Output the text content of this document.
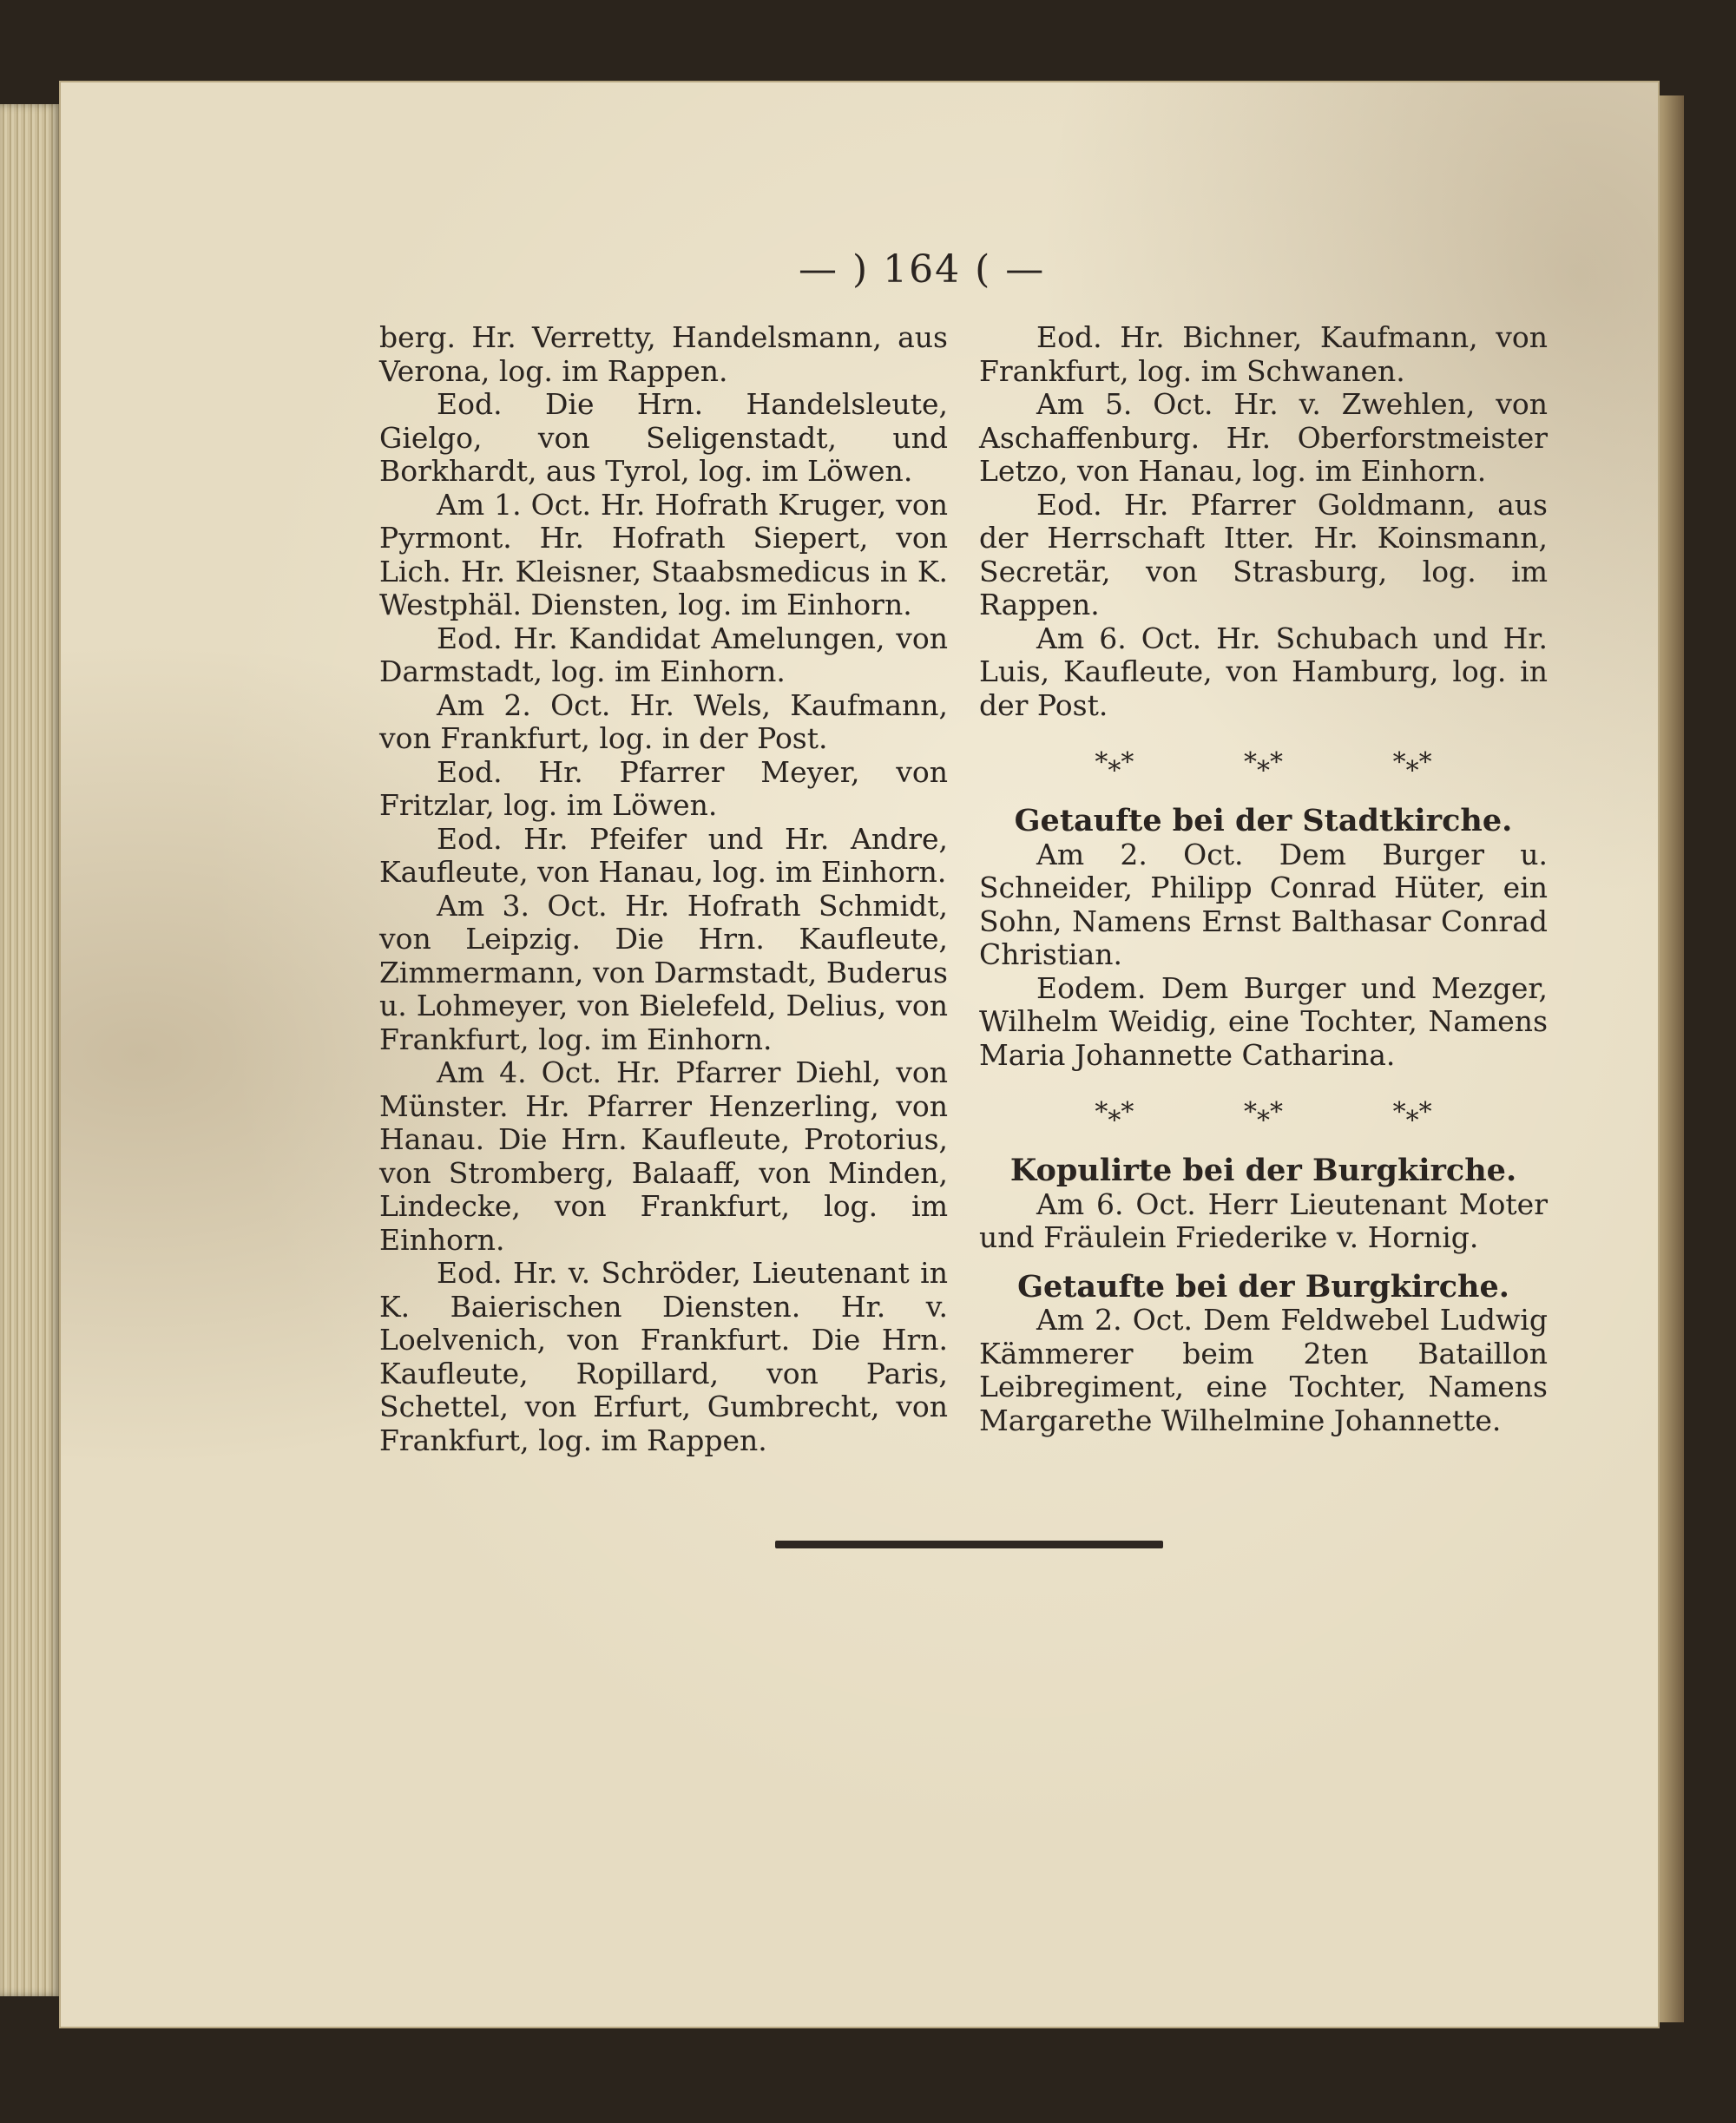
— ) 164 ( —

berg. Hr. Verretty, Handelsmann, aus Verona, log. im Rappen.

Eod. Die Hrn. Handelsleute, Gielgo, von Seligenstadt, und Borkhardt, aus Tyrol, log. im Löwen.

Am 1. Oct. Hr. Hofrath Kruger, von Pyrmont. Hr. Hofrath Siepert, von Lich. Hr. Kleisner, Staabsmedicus in K. Westphäl. Diensten, log. im Einhorn.

Eod. Hr. Kandidat Amelungen, von Darmstadt, log. im Einhorn.

Am 2. Oct. Hr. Wels, Kaufmann, von Frankfurt, log. in der Post.

Eod. Hr. Pfarrer Meyer, von Fritzlar, log. im Löwen.

Eod. Hr. Pfeifer und Hr. Andre, Kaufleute, von Hanau, log. im Einhorn.

Am 3. Oct. Hr. Hofrath Schmidt, von Leipzig. Die Hrn. Kaufleute, Zimmermann, von Darmstadt, Buderus u. Lohmeyer, von Bielefeld, Delius, von Frankfurt, log. im Einhorn.

Am 4. Oct. Hr. Pfarrer Diehl, von Münster. Hr. Pfarrer Henzerling, von Hanau. Die Hrn. Kaufleute, Protorius, von Stromberg, Balaaff, von Minden, Lindecke, von Frankfurt, log. im Einhorn.

Eod. Hr. v. Schröder, Lieutenant in K. Baierischen Diensten. Hr. v. Loelvenich, von Frankfurt. Die Hrn. Kaufleute, Ropillard, von Paris, Schettel, von Erfurt, Gumbrecht, von Frankfurt, log. im Rappen.

Eod. Hr. Bichner, Kaufmann, von Frankfurt, log. im Schwanen.

Am 5. Oct. Hr. v. Zwehlen, von Aschaffenburg. Hr. Oberforstmeister Letzo, von Hanau, log. im Einhorn.

Eod. Hr. Pfarrer Goldmann, aus der Herrschaft Itter. Hr. Koinsmann, Secretär, von Strasburg, log. im Rappen.

Am 6. Oct. Hr. Schubach und Hr. Luis, Kaufleute, von Hamburg, log. in der Post.

*⁎*	*⁎*	*⁎*

Getaufte bei der Stadtkirche.

Am 2. Oct. Dem Burger u. Schneider, Philipp Conrad Hüter, ein Sohn, Namens Ernst Balthasar Conrad Christian.

Eodem. Dem Burger und Mezger, Wilhelm Weidig, eine Tochter, Namens Maria Johannette Catharina.

*⁎*	*⁎*	*⁎*

Kopulirte bei der Burgkirche.

Am 6. Oct. Herr Lieutenant Moter und Fräulein Friederike v. Hornig.

Getaufte bei der Burgkirche.

Am 2. Oct. Dem Feldwebel Ludwig Kämmerer beim 2ten Bataillon Leibregiment, eine Tochter, Namens Margarethe Wilhelmine Johannette.
